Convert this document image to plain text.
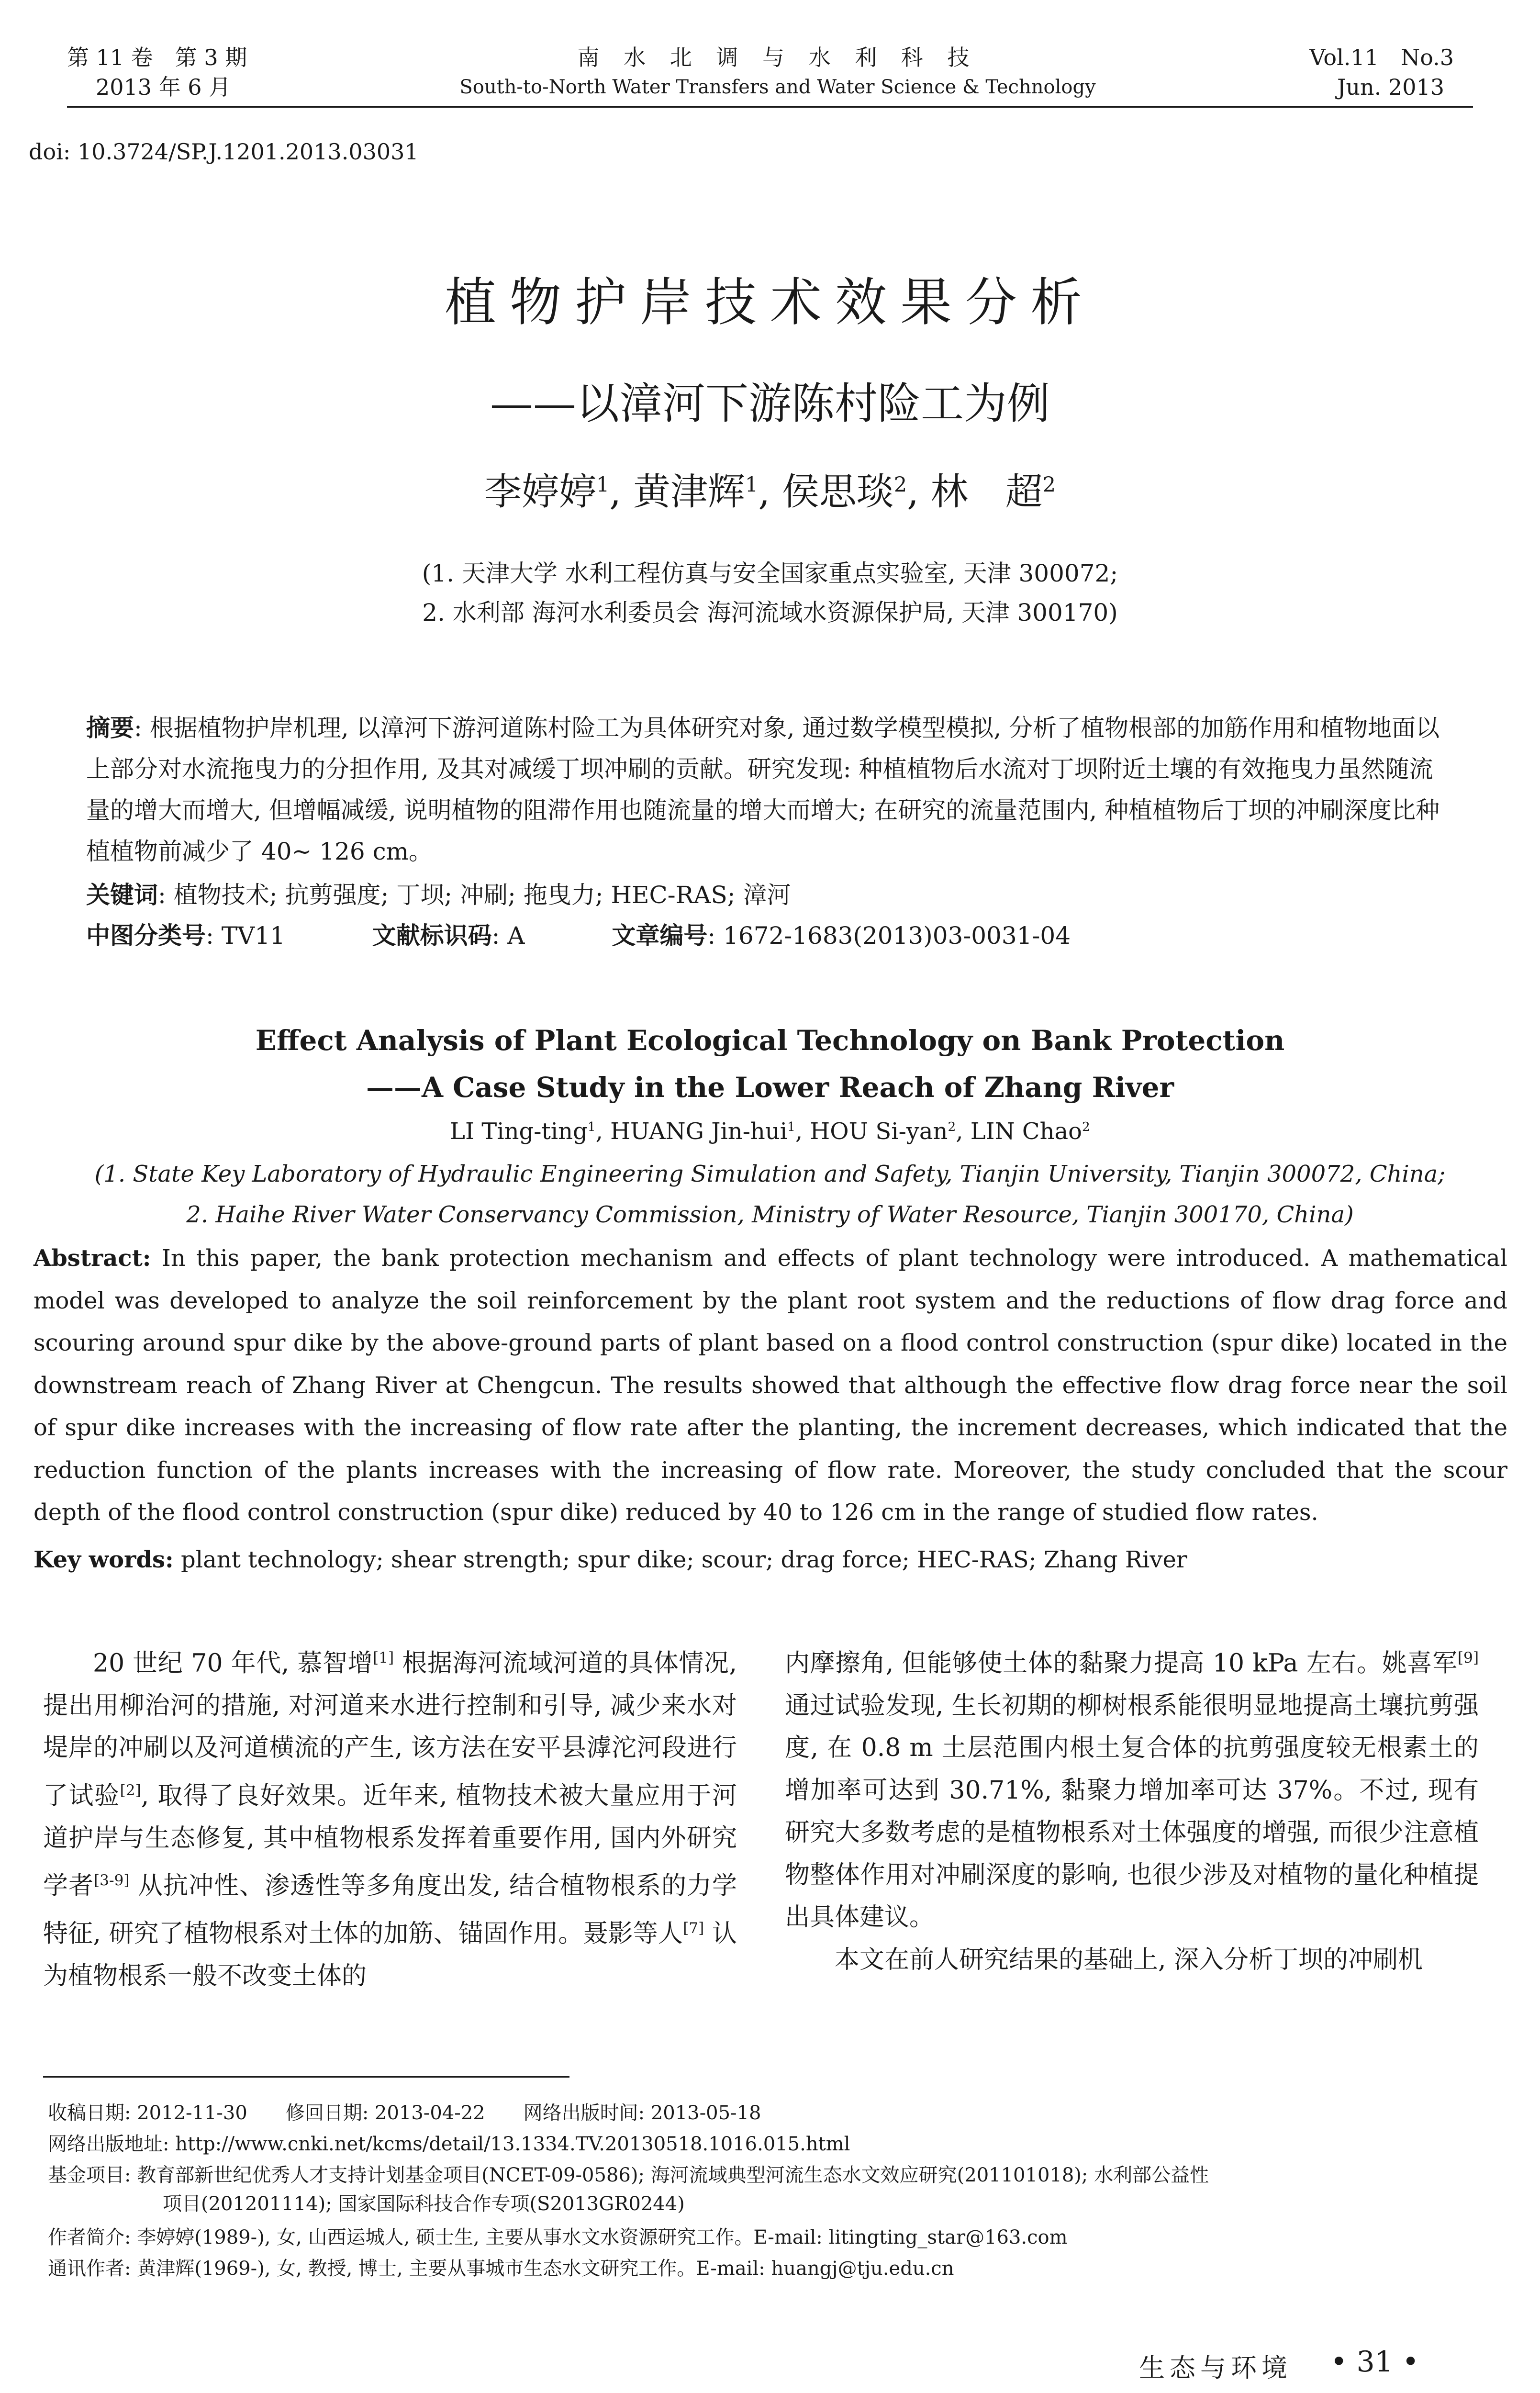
第 11 卷　第 3 期
2013 年 6 月
南 水 北 调 与 水 利 科 技
South-to-North Water Transfers and Water Science & Technology
Vol.11　No.3
Jun. 2013
doi: 10.3724/SP.J.1201.2013.03031
植物护岸技术效果分析
——以漳河下游陈村险工为例
李婷婷$^1$, 黄津辉$^1$, 侯思琰$^2$, 林　超$^2$
(1. 天津大学 水利工程仿真与安全国家重点实验室, 天津 300072;
2. 水利部 海河水利委员会 海河流域水资源保护局, 天津 300170)
摘要: 根据植物护岸机理, 以漳河下游河道陈村险工为具体研究对象, 通过数学模型模拟, 分析了植物根部的加筋作用和植物地面以上部分对水流拖曳力的分担作用, 及其对减缓丁坝冲刷的贡献。研究发现: 种植植物后水流对丁坝附近土壤的有效拖曳力虽然随流量的增大而增大, 但增幅减缓, 说明植物的阻滞作用也随流量的增大而增大; 在研究的流量范围内, 种植植物后丁坝的冲刷深度比种植植物前减少了 40~ 126 cm。
关键词: 植物技术; 抗剪强度; 丁坝; 冲刷; 拖曳力; HEC-RAS; 漳河
中图分类号: TV11	文献标识码: A	文章编号: 1672-1683(2013)03-0031-04
Effect Analysis of Plant Ecological Technology on Bank Protection
——A Case Study in the Lower Reach of Zhang River
LI Ting-ting$^1$, HUANG Jin-hui$^1$, HOU Si-yan$^2$, LIN Chao$^2$
(1. State Key Laboratory of Hydraulic Engineering Simulation and Safety, Tianjin University, Tianjin 300072, China;
2. Haihe River Water Conservancy Commission, Ministry of Water Resource, Tianjin 300170, China)
Abstract: In this paper, the bank protection mechanism and effects of plant technology were introduced. A mathematical model was developed to analyze the soil reinforcement by the plant root system and the reductions of flow drag force and scouring around spur dike by the above-ground parts of plant based on a flood control construction (spur dike) located in the downstream reach of Zhang River at Chengcun. The results showed that although the effective flow drag force near the soil of spur dike increases with the increasing of flow rate after the planting, the increment decreases, which indicated that the reduction function of the plants increases with the increasing of flow rate. Moreover, the study concluded that the scour depth of the flood control construction (spur dike) reduced by 40 to 126 cm in the range of studied flow rates.
Key words: plant technology; shear strength; spur dike; scour; drag force; HEC-RAS; Zhang River

20 世纪 70 年代, 慕智增[1] 根据海河流域河道的具体情况, 提出用柳治河的措施, 对河道来水进行控制和引导, 减少来水对堤岸的冲刷以及河道横流的产生, 该方法在安平县滹沱河段进行了试验[2], 取得了良好效果。近年来, 植物技术被大量应用于河道护岸与生态修复, 其中植物根系发挥着重要作用, 国内外研究学者[3-9] 从抗冲性、渗透性等多角度出发, 结合植物根系的力学特征, 研究了植物根系对土体的加筋、锚固作用。聂影等人[7] 认为植物根系一般不改变土体的

内摩擦角, 但能够使土体的黏聚力提高 10 kPa 左右。姚喜军[9] 通过试验发现, 生长初期的柳树根系能很明显地提高土壤抗剪强度, 在 0.8 m 土层范围内根土复合体的抗剪强度较无根素土的增加率可达到 30.71%, 黏聚力增加率可达 37%。不过, 现有研究大多数考虑的是植物根系对土体强度的增强, 而很少注意植物整体作用对冲刷深度的影响, 也很少涉及对植物的量化种植提出具体建议。

本文在前人研究结果的基础上, 深入分析丁坝的冲刷机

收稿日期: 2012-11-30　　修回日期: 2013-04-22　　网络出版时间: 2013-05-18
网络出版地址: http://www.cnki.net/kcms/detail/13.1334.TV.20130518.1016.015.html
基金项目: 教育部新世纪优秀人才支持计划基金项目(NCET-09-0586); 海河流域典型河流生态水文效应研究(201101018); 水利部公益性
项目(201201114); 国家国际科技合作专项(S2013GR0244)
作者简介: 李婷婷(1989-), 女, 山西运城人, 硕士生, 主要从事水文水资源研究工作。E-mail: litingting_star@163.com
通讯作者: 黄津辉(1969-), 女, 教授, 博士, 主要从事城市生态水文研究工作。E-mail: huangj@tju.edu.cn
生态与环境 • 31 •
